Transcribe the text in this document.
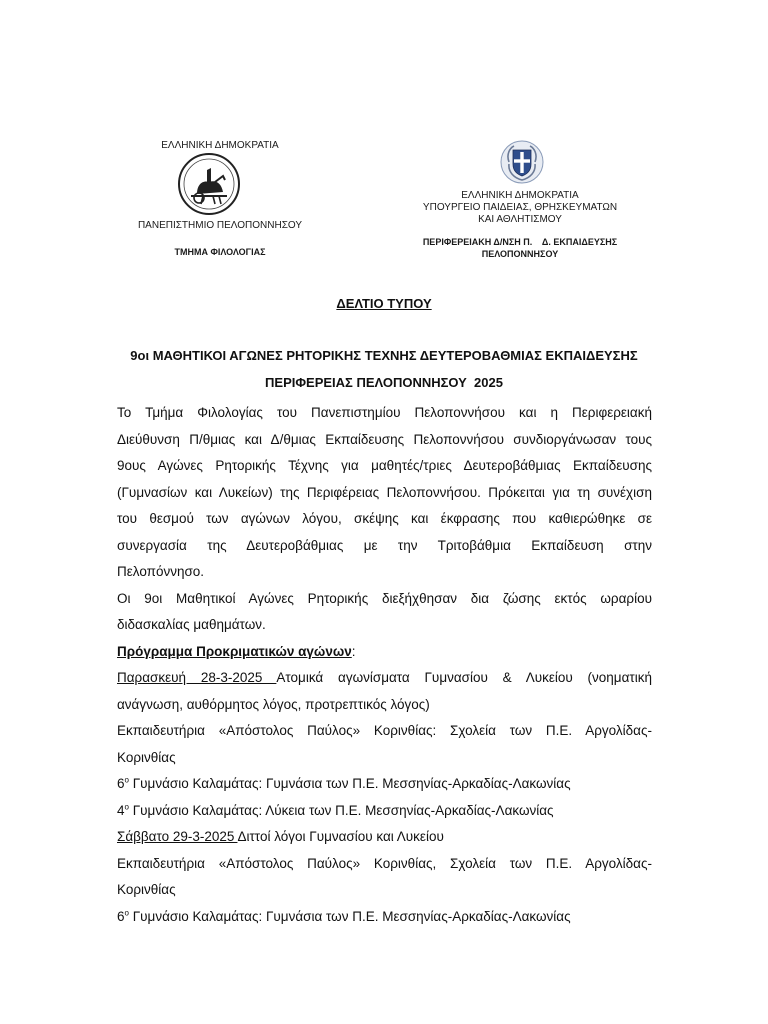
ΕΛΛΗΝΙΚΗ ΔΗΜΟΚΡΑΤΙΑ
ΠΑΝΕΠΙΣΤΗΜΙΟ ΠΕΛΟΠΟΝΝΗΣΟΥ
ΤΜΗΜΑ ΦΙΛΟΛΟΓΙΑΣ
ΕΛΛΗΝΙΚΗ ΔΗΜΟΚΡΑΤΙΑ
ΥΠΟΥΡΓΕΙΟ ΠΑΙΔΕΙΑΣ, ΘΡΗΣΚΕΥΜΑΤΩΝ
ΚΑΙ ΑΘΛΗΤΙΣΜΟΥ
ΠΕΡΙΦΕΡΕΙΑΚΗ Δ/ΝΣΗ Π.    Δ. ΕΚΠΑΙΔΕΥΣΗΣ
ΠΕΛΟΠΟΝΝΗΣΟΥ
ΔΕΛΤΙΟ ΤΥΠΟΥ
9οι ΜΑΘΗΤΙΚΟΙ ΑΓΩΝΕΣ ΡΗΤΟΡΙΚΗΣ ΤΕΧΝΗΣ ΔΕΥΤΕΡΟΒΑΘΜΙΑΣ ΕΚΠΑΙΔΕΥΣΗΣ
ΠΕΡΙΦΕΡΕΙΑΣ ΠΕΛΟΠΟΝΝΗΣΟΥ  2025

Το Τμήμα Φιλολογίας του Πανεπιστημίου Πελοποννήσου και η Περιφερειακή

Διεύθυνση Π/θμιας και Δ/θμιας Εκπαίδευσης Πελοποννήσου συνδιοργάνωσαν τους

9ους Αγώνες Ρητορικής Τέχνης για μαθητές/τριες Δευτεροβάθμιας Εκπαίδευσης

(Γυμνασίων και Λυκείων) της Περιφέρειας Πελοποννήσου. Πρόκειται για τη συνέχιση

του θεσμού των αγώνων λόγου, σκέψης και έκφρασης που καθιερώθηκε σε

συνεργασία της Δευτεροβάθμιας με την Τριτοβάθμια Εκπαίδευση στην

Πελοπόννησο.

Οι 9οι Μαθητικοί Αγώνες Ρητορικής διεξήχθησαν δια ζώσης εκτός ωραρίου

διδασκαλίας μαθημάτων.

Πρόγραμμα Προκριματικών αγώνων:

Παρασκευή 28-3-2025 Ατομικά αγωνίσματα Γυμνασίου & Λυκείου (νοηματική

ανάγνωση, αυθόρμητος λόγος, προτρεπτικός λόγος)

Εκπαιδευτήρια «Απόστολος Παύλος» Κορινθίας: Σχολεία των Π.Ε. Αργολίδας-

Κορινθίας

$6^o$ Γυμνάσιο Καλαμάτας: Γυμνάσια των Π.Ε. Μεσσηνίας-Αρκαδίας-Λακωνίας

$4^o$ Γυμνάσιο Καλαμάτας: Λύκεια των Π.Ε. Μεσσηνίας-Αρκαδίας-Λακωνίας

Σάββατο 29-3-2025 Διττοί λόγοι Γυμνασίου και Λυκείου

Εκπαιδευτήρια «Απόστολος Παύλος» Κορινθίας, Σχολεία των Π.Ε. Αργολίδας-

Κορινθίας

$6^o$ Γυμνάσιο Καλαμάτας: Γυμνάσια των Π.Ε. Μεσσηνίας-Αρκαδίας-Λακωνίας
